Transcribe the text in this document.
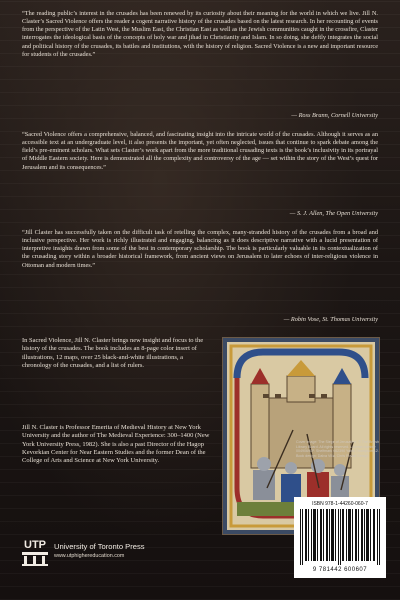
“The reading public’s interest in the crusades has been renewed by its curiosity about their meaning for the world in which we live. Jill N. Claster’s Sacred Violence offers the reader a cogent narrative history of the crusades based on the latest research. In her recounting of events from the perspective of the Latin West, the Muslim East, the Christian East as well as the Jewish communities caught in the crossfire, Claster interrogates the ideological basis of the concepts of holy war and jihad in Christianity and Islam. In so doing, she deftly integrates the social and political history of the crusades, its battles and institutions, with the history of religion. Sacred Violence is a new and important resource for students of the crusades.”

— Ross Brann, Cornell University

“Sacred Violence offers a comprehensive, balanced, and fascinating insight into the intricate world of the crusades. Although it serves as an accessible text at an undergraduate level, it also presents the important, yet often neglected, issues that continue to spark debate among the field’s pre-eminent scholars. What sets Claster’s work apart from the more traditional crusading texts is the book’s inclusivity in its portrayal of Middle Eastern society. Here is demonstrated all the complexity and controversy of the age — set within the story of the West’s quest for Jerusalem and its consequences.”

— S. J. Allen, The Open University

“Jill Claster has successfully taken on the difficult task of retelling the complex, many-stranded history of the crusades from a broad and inclusive perspective. Her work is richly illustrated and engaging, balancing as it does descriptive narrative with a lucid presentation of interpretive insights drawn from some of the best in contemporary scholarship. The book is particularly valuable in its contextualization of the crusading story within a broader historical framework, from ancient views on Jerusalem to later echoes of inter-religious violence in Ottoman and modern times.”

— Robin Vose, St. Thomas University

In Sacred Violence, Jill N. Claster brings new insight and focus to the history of the crusades. The book includes an 8-page color insert of illustrations, 12 maps, over 25 black-and-white illustrations, a chronology of the crusades, and a list of rulers.

Jill N. Claster is Professor Emerita of Medieval History at New York University and the author of The Medieval Experience: 300–1400 (New York University Press, 1982). She is also a past Director of the Hagop Kevorkian Center for Near Eastern Studies and the former Dean of the College of Arts and Science at New York University.

Cover image: The Siege of Jerusalem. © The British Library Board. All rights reserved. License number 00490690P. Shelfmark 062390 Yates Thompson 12. Book design: Dalva Villa, Chris Rowat Design
ISBN 978-1-44260-060-7
9 781442 600607
UTP University of Toronto Press
www.utphighereducation.com
